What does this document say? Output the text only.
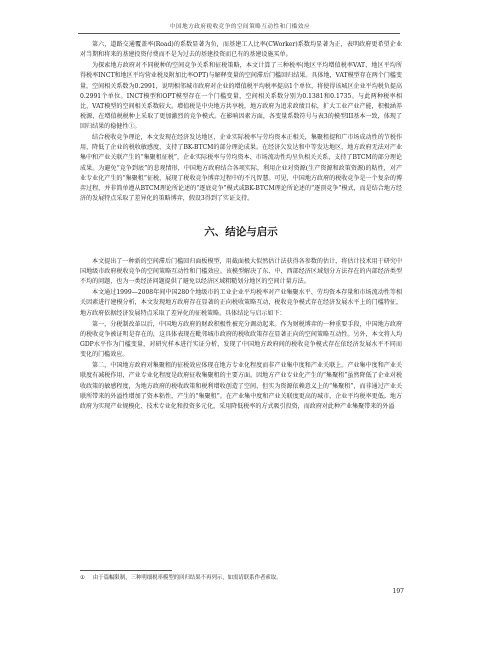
中国地方政府税收竞争的空间策略互动性和门槛效应

第六，道路交通覆盖率(Road)的系数显著为负，而基建工人比率(CWorker)系数均显著为正，表明政府更希望企业对当期和将来的基建投资付费而不是为过去的基建投资而已有的基建设施买单。

为探索地方政府对不同税种的空间竞争关系和征税策略，本文计算了三种税率(地区平均增值税率VAT、地区平均所得税率INCT和地区平均营业税及附加比率OPT)与解释变量的空间滞后门槛回归结果。具体地，VAT模型存在两个门槛变量，空间相关系数为0.2991，说明相邻城市政府对企业的增值税平均税率提高1个单位，将使得该城区企业平均税负提高0.2991个单位。INCT模型和OPT模型存在一个门槛变量，空间相关系数分别为0.1381和0.1735。与此两种税率相比，VAT模型的空间相关系数较大。增值税是中央地方共享税，地方政府为追求政绩目标，扩大工业产业产能，积极涵养税源，在增值税税种上采取了更加激烈的竞争模式。在影响因素方面，各变量系数符号与表3的模型III基本一致，体现了回归结果的稳健性①。

结合税收竞争理论，本文发现在经济发达地区，企业实际税率与劳均资本正相关，集聚租提和广市场成动性的节税作用，降低了企业的税收敏感度，支持了BK-BTCM的部分理论成果。在经济欠发达和中等发达地区，地方政府无法对产业集中和产业关联产生的“集聚租征税”，企业实际税率与劳均资本、市场流动性均呈负相关关系，支持了BTCM的部分理论成果。为避免“竞争到底”的悲观情形，中国地方政府结合各项实际，利用企业对资源(生产资源和政策资源)的粘性，对产业专业化产生的“集聚租”征税，展现了税收竞争博弈过程中的不凡智慧。可见，中国地方政府的税收竞争是一个复杂的博弈过程，并非简单遵从BTCM理论所论述的“逐底竞争”模式或BK-BTCM理论所论述的“逐顶竞争”模式，而是结合地方经济的发展特点采取了差异化的策略博弈，假设3得到了实证支持。

六、结论与启示

本文提出了一种新的空间滞后门槛回归面板模型，用截面极大似然估计法获得各参数的估计，将估计技术用于研究中国地级市政府税收竞争的空间策略互动性和门槛效应。该模型解决了东、中、西部经济区域划分方法存在的内部经济类型不均的问题，也为一类经济问题提供了避免以经济区域粗糙划分地区的空间计量方法。

本文通过1999—2008年间中国280个地级市的工业企业平均税率对产业集聚水平、劳均资本存量和市场流动性等相关因素进行建模分析，本文发现地方政府存在显著的正向税收策略互动，税收竞争模式存在经济发展水平上的门槛特征，地方政府依据经济发展特点采取了差异化的征税策略。具体结论与启示如下：

第一，分税制改革以后，中国地方政府的财政积极性被充分调动起来。作为财税博弈的一种重要手段，中国地方政府的税收竞争被证明是存在的，这具体表现在毗邻城市政府的税收政策存在显著正向的空间策略互动性。另外，本文将人均GDP水平作为门槛变量，对研究样本进行实证分析，发现了中国地方政府间的税收竞争模式存在依经济发展水平不同而变化的门槛效应。

第二，中国地方政府对集聚租的征税效应体现在地方专业化程度而非产业集中度和产业关联上。产业集中度和产业关联度有减税作用，产业专业化程度是政府征收集聚租的主要方面。因地方产业专业化产生的“集聚租”虽然降低了企业对税收政策的敏感程度，为地方政府的税收政策和税利增收创造了空间，但实为资源依赖意义上的“集聚租”，而非通过产业关联所带来的外溢性增加了资本粘性，产生的“集聚租”。在产业集中度和产业关联度更高的城市，企业平均税率更低。地方政府为实现产业规模化、技术专业化和投资多元化，采用降低税率的方式吸引投资，而政府对此种产业集聚带来的外溢

① 由于篇幅限制，三种明细税率模型的回归结果不再列示，如需请联系作者索取。
197
